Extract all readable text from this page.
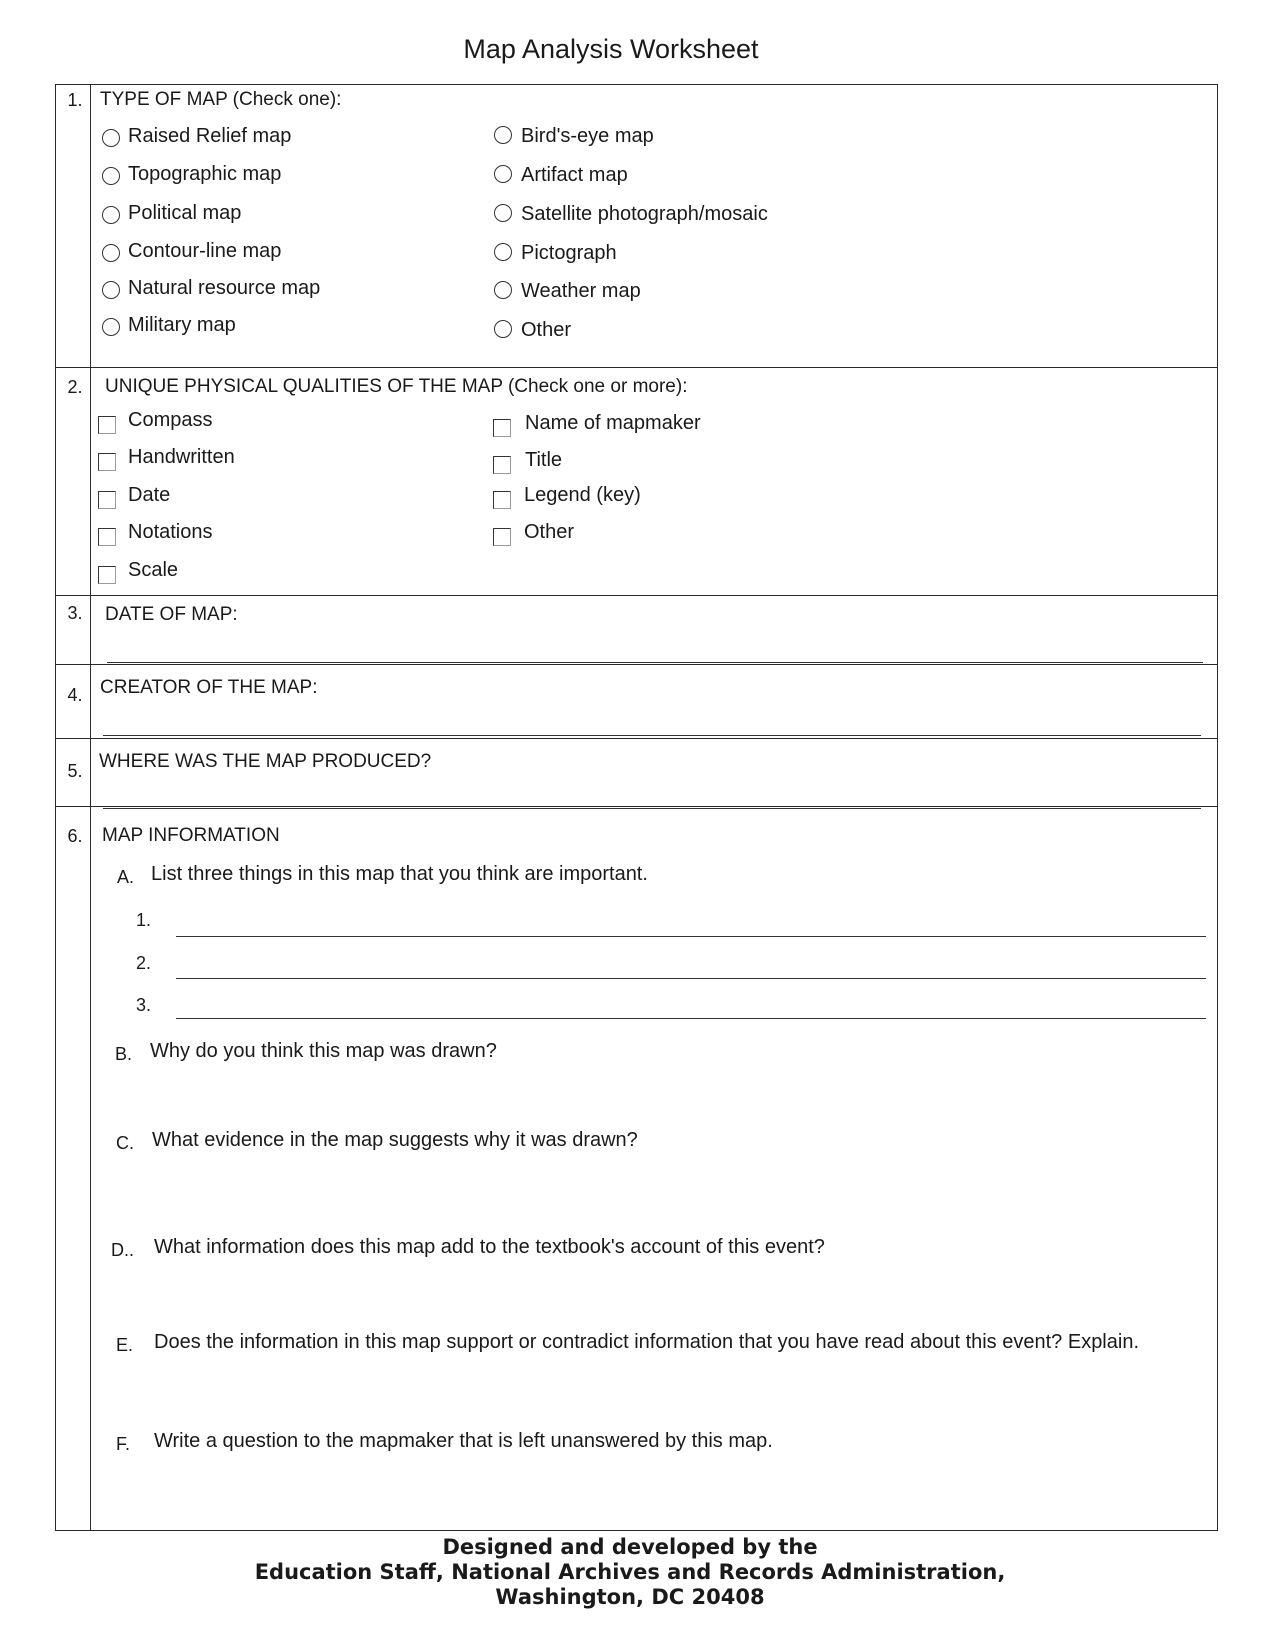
Map Analysis Worksheet
1. TYPE OF MAP (Check one):
Raised Relief map
Topographic map
Political map
Contour-line map
Natural resource map
Military map
Bird's-eye map
Artifact map
Satellite photograph/mosaic
Pictograph
Weather map
Other
2.	UNIQUE PHYSICAL QUALITIES OF THE MAP (Check one or more):
Compass
Handwritten
Date
Notations
Scale
Name of mapmaker
Title
Legend (key)
Other
3.	DATE OF MAP:
4. CREATOR OF THE MAP:
5. WHERE WAS THE MAP PRODUCED?
6.	MAP INFORMATION
A. List three things in this map that you think are important.
1.
2.
3.
B. Why do you think this map was drawn?
C. What evidence in the map suggests why it was drawn?
D.. What information does this map add to the textbook's account of this event?
E. Does the information in this map support or contradict information that you have read about this event? Explain.
F. Write a question to the mapmaker that is left unanswered by this map.
Designed and developed by the
Education Staff, National Archives and Records Administration,
Washington, DC 20408
